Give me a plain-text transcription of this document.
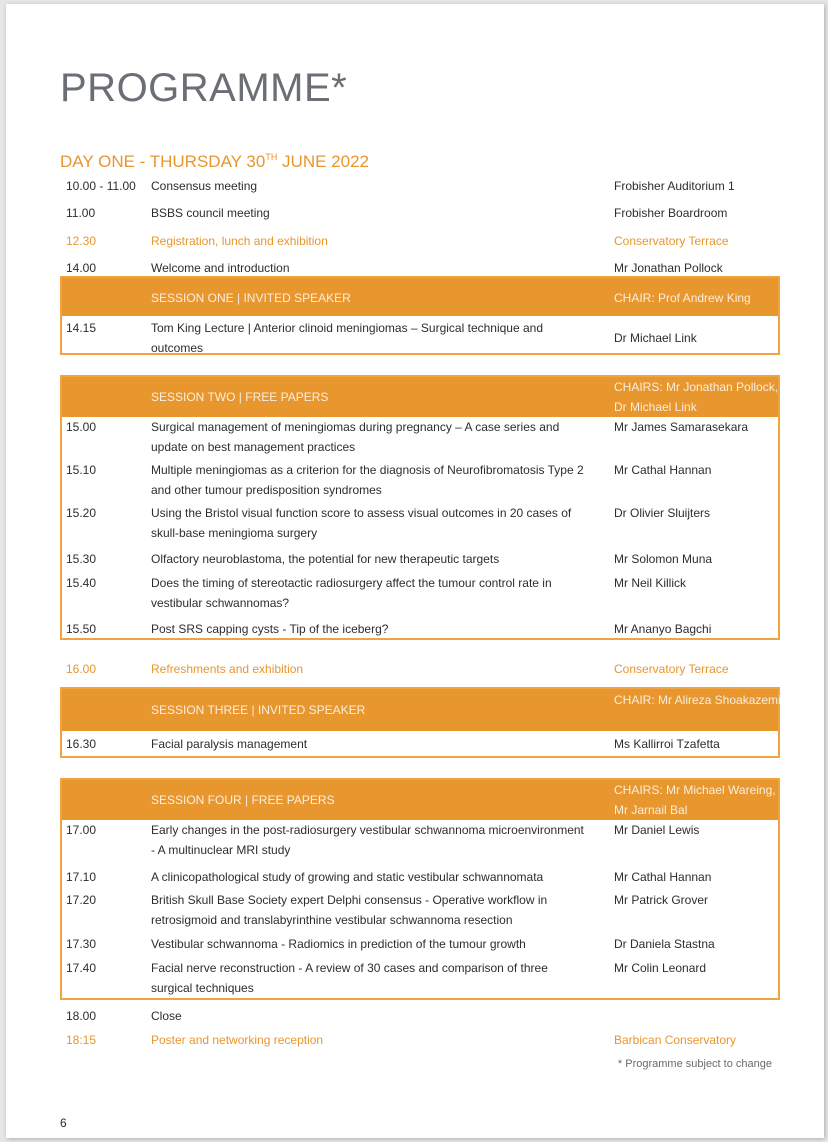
PROGRAMME*
DAY ONE - THURSDAY 30TH JUNE 2022
10.00 - 11.00 Consensus meeting	Frobisher Auditorium 1
11.00	BSBS council meeting	Frobisher Boardroom
12.30	Registration, lunch and exhibition	Conservatory Terrace
14.00	Welcome and introduction	Mr Jonathan Pollock
SESSION ONE | INVITED SPEAKER	CHAIR: Prof Andrew King
14.15	Tom King Lecture | Anterior clinoid meningiomas – Surgical technique and outcomes
Dr Michael Link
SESSION TWO | FREE PAPERS
CHAIRS: Mr Jonathan Pollock, Dr Michael Link
15.00	Surgical management of meningiomas during pregnancy – A case series and update on best management practices
Mr James Samarasekara
15.10	Multiple meningiomas as a criterion for the diagnosis of Neurofibromatosis Type 2 and other tumour predisposition syndromes
Mr Cathal Hannan
15.20	Using the Bristol visual function score to assess visual outcomes in 20 cases of skull-base meningioma surgery
Dr Olivier Sluijters
15.30	Olfactory neuroblastoma, the potential for new therapeutic targets	Mr Solomon Muna
15.40	Does the timing of stereotactic radiosurgery affect the tumour control rate in vestibular schwannomas?
Mr Neil Killick
15.50	Post SRS capping cysts - Tip of the iceberg?	Mr Ananyo Bagchi
16.00	Refreshments and exhibition	Conservatory Terrace
SESSION THREE | INVITED SPEAKER
CHAIR: Mr Alireza Shoakazemi
16.30	Facial paralysis management	Ms Kallirroi Tzafetta
SESSION FOUR | FREE PAPERS
CHAIRS: Mr Michael Wareing, Mr Jarnail Bal
17.00	Early changes in the post-radiosurgery vestibular schwannoma microenvironment - A multinuclear MRI study
Mr Daniel Lewis
17.10	A clinicopathological study of growing and static vestibular schwannomata	Mr Cathal Hannan
17.20	British Skull Base Society expert Delphi consensus - Operative workflow in retrosigmoid and translabyrinthine vestibular schwannoma resection
Mr Patrick Grover
17.30	Vestibular schwannoma - Radiomics in prediction of the tumour growth	Dr Daniela Stastna
17.40	Facial nerve reconstruction - A review of 30 cases and comparison of three surgical techniques
Mr Colin Leonard
18.00	Close
18:15	Poster and networking reception	Barbican Conservatory
* Programme subject to change
6
